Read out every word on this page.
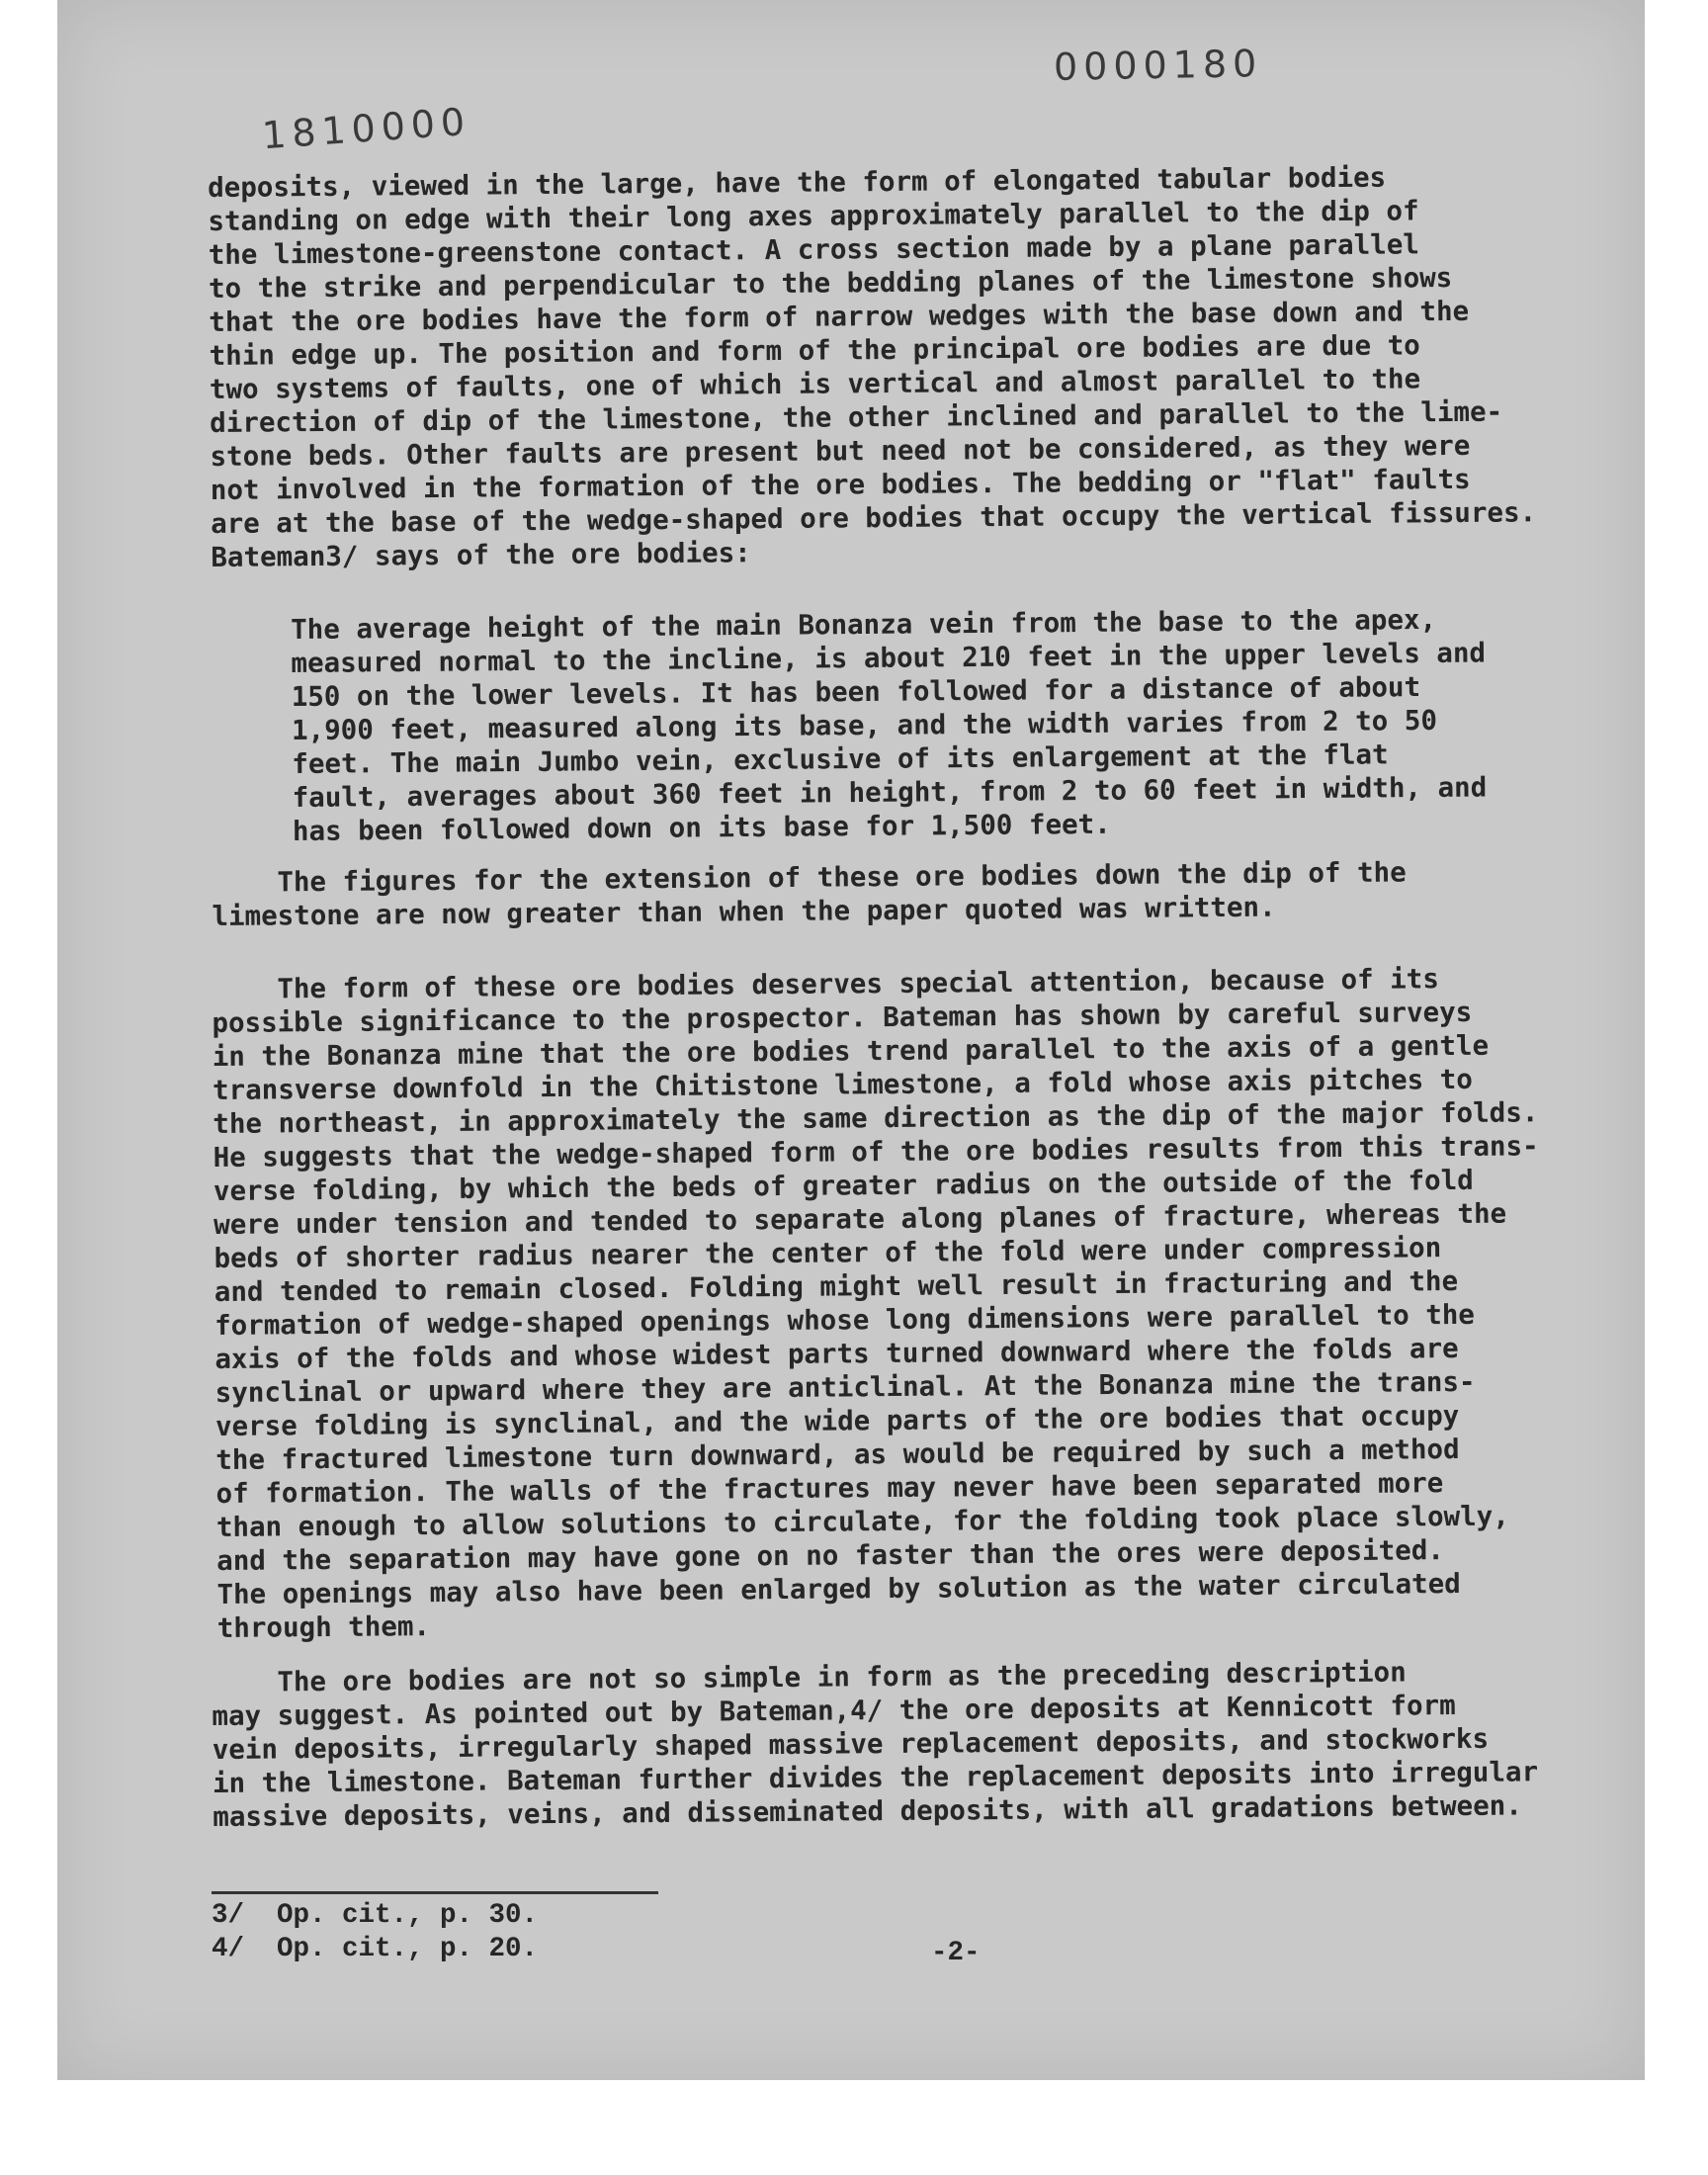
0000180
1810000
deposits, viewed in the large, have the form of elongated tabular bodies
standing on edge with their long axes approximately parallel to the dip of
the limestone-greenstone contact. A cross section made by a plane parallel
to the strike and perpendicular to the bedding planes of the limestone shows
that the ore bodies have the form of narrow wedges with the base down and the
thin edge up. The position and form of the principal ore bodies are due to
two systems of faults, one of which is vertical and almost parallel to the
direction of dip of the limestone, the other inclined and parallel to the lime-
stone beds. Other faults are present but need not be considered, as they were
not involved in the formation of the ore bodies. The bedding or "flat" faults
are at the base of the wedge-shaped ore bodies that occupy the vertical fissures.
Bateman3/ says of the ore bodies:
The average height of the main Bonanza vein from the base to the apex,
measured normal to the incline, is about 210 feet in the upper levels and
150 on the lower levels. It has been followed for a distance of about
1,900 feet, measured along its base, and the width varies from 2 to 50
feet. The main Jumbo vein, exclusive of its enlargement at the flat
fault, averages about 360 feet in height, from 2 to 60 feet in width, and
has been followed down on its base for 1,500 feet.
The figures for the extension of these ore bodies down the dip of the
limestone are now greater than when the paper quoted was written.
The form of these ore bodies deserves special attention, because of its
possible significance to the prospector. Bateman has shown by careful surveys
in the Bonanza mine that the ore bodies trend parallel to the axis of a gentle
transverse downfold in the Chitistone limestone, a fold whose axis pitches to
the northeast, in approximately the same direction as the dip of the major folds.
He suggests that the wedge-shaped form of the ore bodies results from this trans-
verse folding, by which the beds of greater radius on the outside of the fold
were under tension and tended to separate along planes of fracture, whereas the
beds of shorter radius nearer the center of the fold were under compression
and tended to remain closed. Folding might well result in fracturing and the
formation of wedge-shaped openings whose long dimensions were parallel to the
axis of the folds and whose widest parts turned downward where the folds are
synclinal or upward where they are anticlinal. At the Bonanza mine the trans-
verse folding is synclinal, and the wide parts of the ore bodies that occupy
the fractured limestone turn downward, as would be required by such a method
of formation. The walls of the fractures may never have been separated more
than enough to allow solutions to circulate, for the folding took place slowly,
and the separation may have gone on no faster than the ores were deposited.
The openings may also have been enlarged by solution as the water circulated
through them.
The ore bodies are not so simple in form as the preceding description
may suggest. As pointed out by Bateman,4/ the ore deposits at Kennicott form
vein deposits, irregularly shaped massive replacement deposits, and stockworks
in the limestone. Bateman further divides the replacement deposits into irregular
massive deposits, veins, and disseminated deposits, with all gradations between.
3/  Op. cit., p. 30.
4/  Op. cit., p. 20.	-2-
